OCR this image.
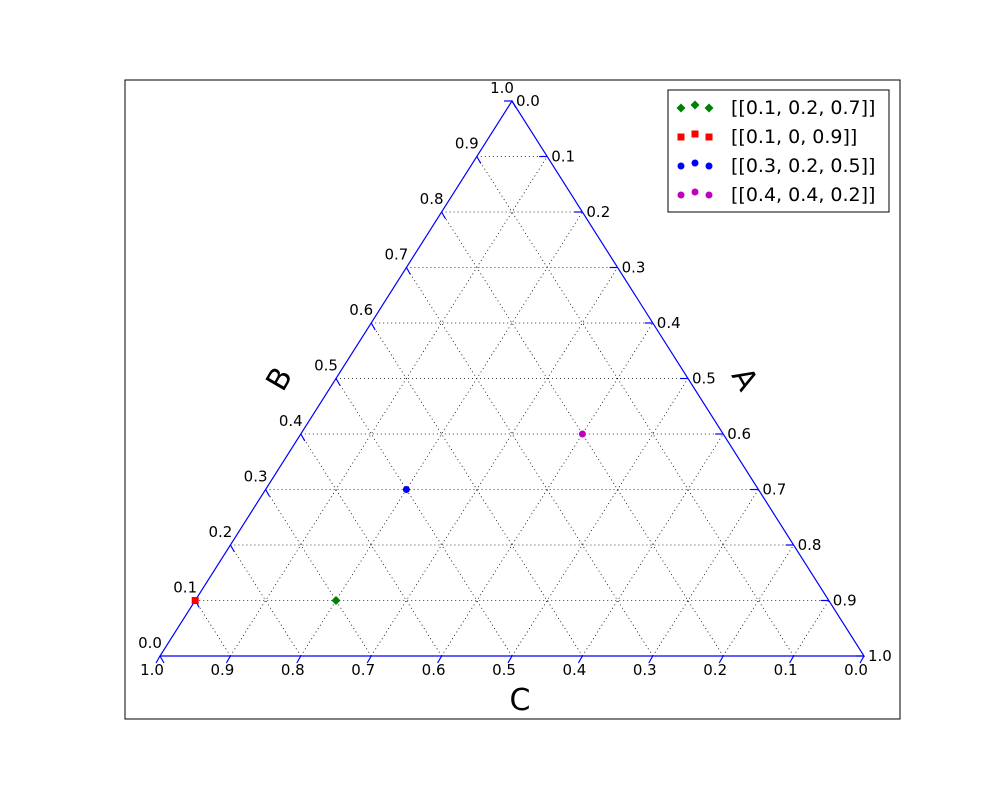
1.0
0.0
0.0
0.9
0.1
0.1
0.8
0.2
0.2
0.7
0.3
0.3
0.6
0.4
0.4
0.5
0.5
0.5
0.4
0.6
0.6
0.3
0.7
0.7
0.2
0.8
0.8
0.1
0.9
0.9
0.0
1.0
1.0
C
B	A
[[0.1, 0.2, 0.7]]
[[0.1, 0, 0.9]]
[[0.3, 0.2, 0.5]]
[[0.4, 0.4, 0.2]]
